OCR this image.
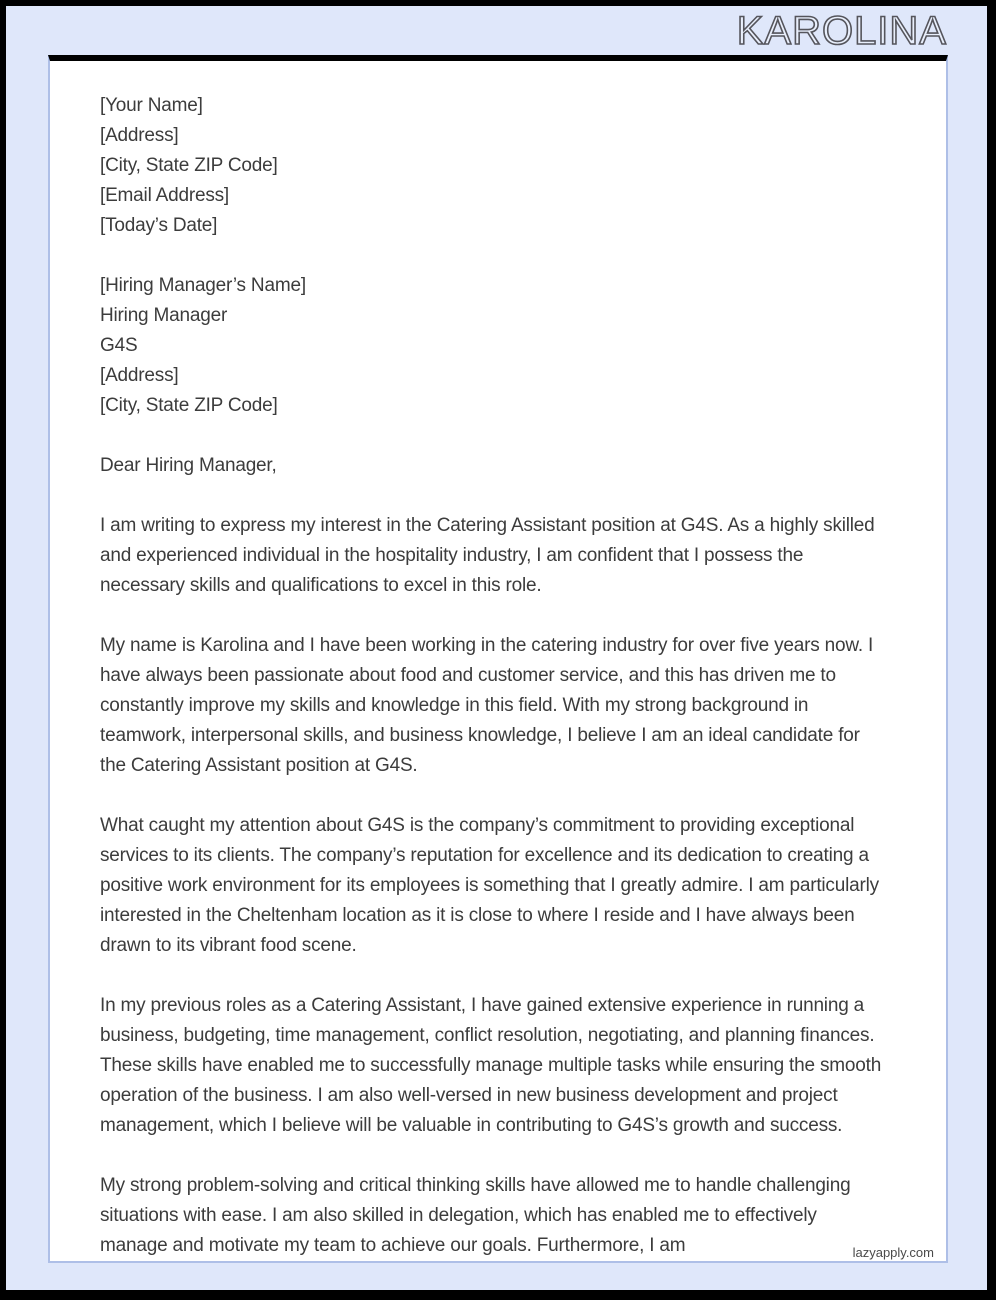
KAROLINA
[Your Name]
[Address]
[City, State ZIP Code]
[Email Address]
[Today’s Date]
[Hiring Manager’s Name]
Hiring Manager
G4S
[Address]
[City, State ZIP Code]

Dear Hiring Manager,

I am writing to express my interest in the Catering Assistant position at G4S. As a highly skilled and experienced individual in the hospitality industry, I am confident that I possess the necessary skills and qualifications to excel in this role.

My name is Karolina and I have been working in the catering industry for over five years now. I have always been passionate about food and customer service, and this has driven me to constantly improve my skills and knowledge in this field. With my strong background in teamwork, interpersonal skills, and business knowledge, I believe I am an ideal candidate for the Catering Assistant position at G4S.

What caught my attention about G4S is the company’s commitment to providing exceptional services to its clients. The company’s reputation for excellence and its dedication to creating a positive work environment for its employees is something that I greatly admire. I am particularly interested in the Cheltenham location as it is close to where I reside and I have always been drawn to its vibrant food scene.

In my previous roles as a Catering Assistant, I have gained extensive experience in running a business, budgeting, time management, conflict resolution, negotiating, and planning finances. These skills have enabled me to successfully manage multiple tasks while ensuring the smooth operation of the business. I am also well-versed in new business development and project management, which I believe will be valuable in contributing to G4S’s growth and success.

My strong problem-solving and critical thinking skills have allowed me to handle challenging situations with ease. I am also skilled in delegation, which has enabled me to effectively manage and motivate my team to achieve our goals. Furthermore, I am	lazyapply.com
